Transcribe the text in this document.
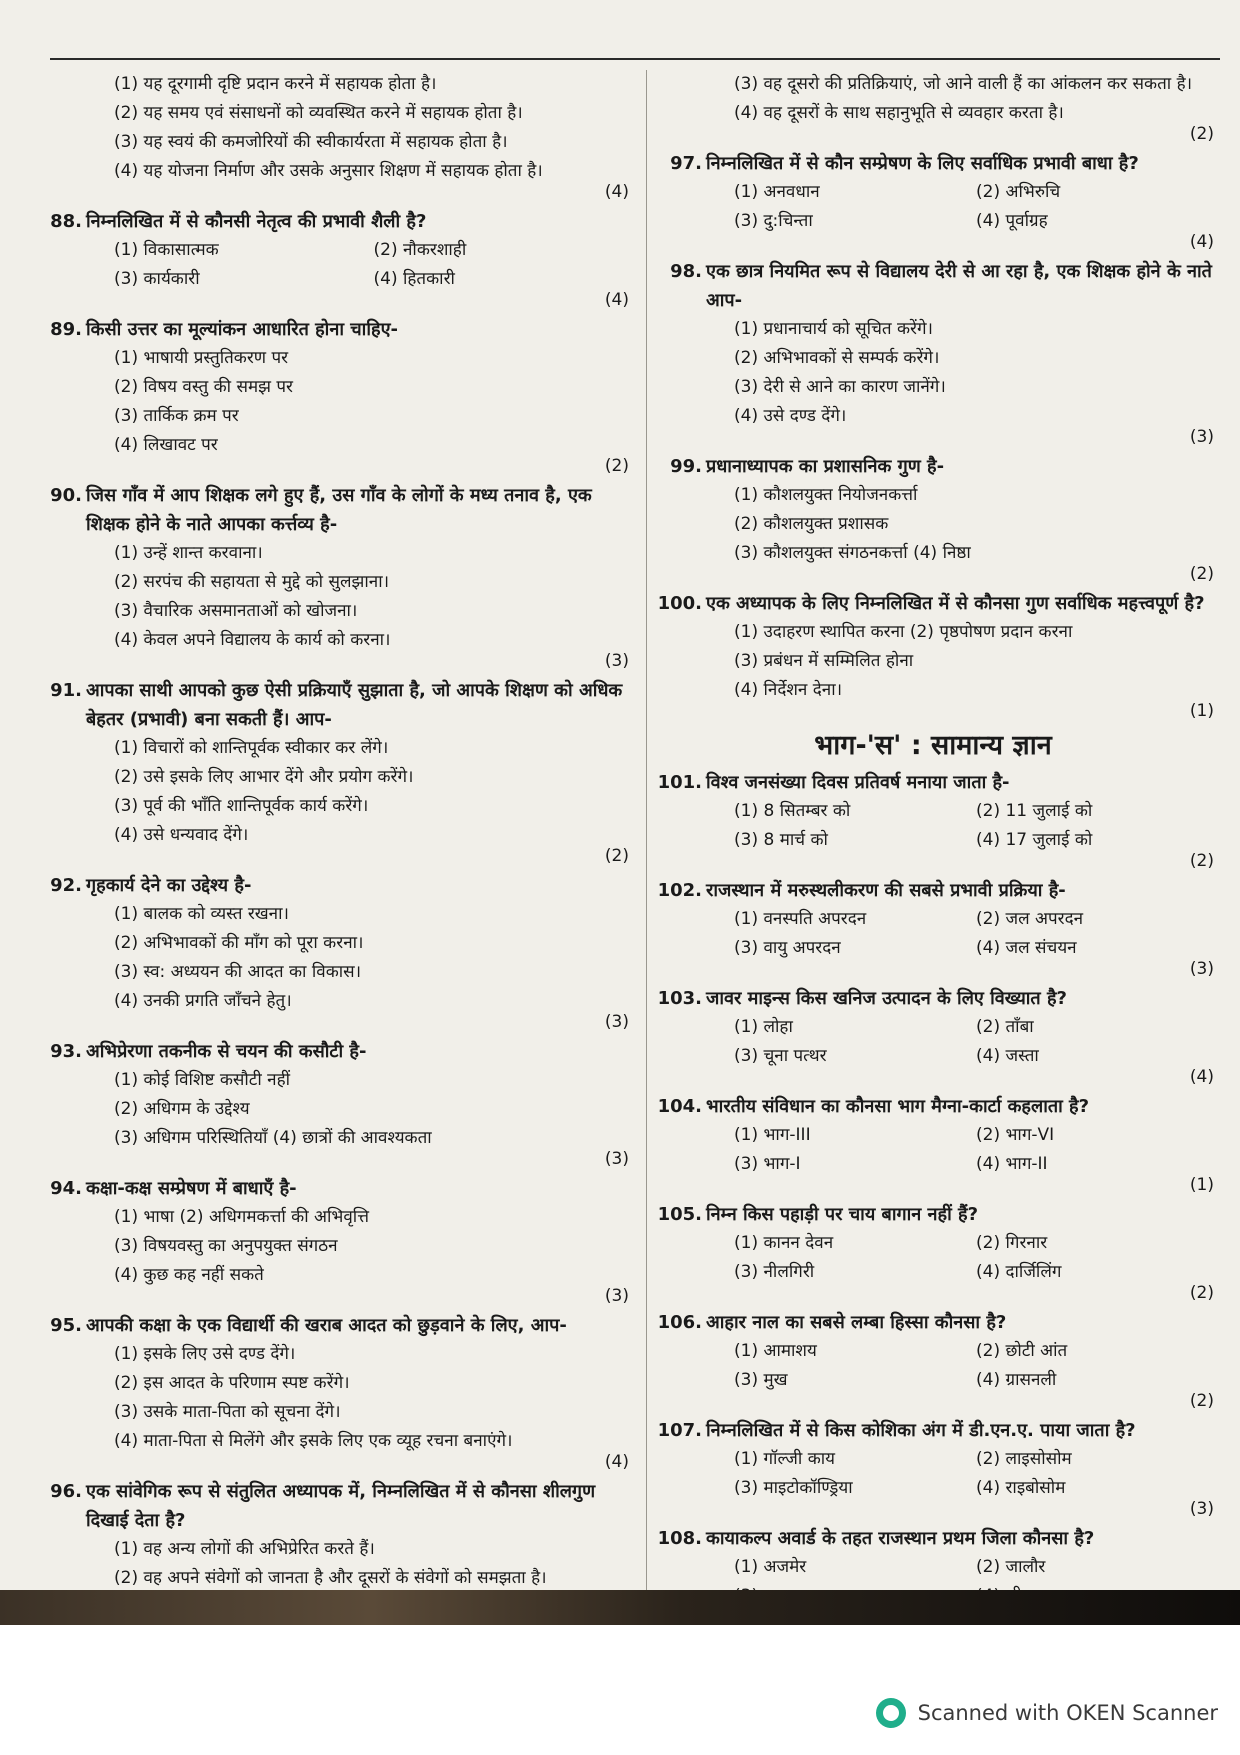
(1) यह दूरगामी दृष्टि प्रदान करने में सहायक होता है।
(2) यह समय एवं संसाधनों को व्यवस्थित करने में सहायक होता है।
(3) यह स्वयं की कमजोरियों की स्वीकार्यरता में सहायक होता है।
(4) यह योजना निर्माण और उसके अनुसार शिक्षण में सहायक होता है।
(4)
88. निम्नलिखित में से कौनसी नेतृत्व की प्रभावी शैली है?
(1) विकासात्मक	(2) नौकरशाही
(3) कार्यकारी	(4) हितकारी
(4)
89. किसी उत्तर का मूल्यांकन आधारित होना चाहिए-
(1) भाषायी प्रस्तुतिकरण पर
(2) विषय वस्तु की समझ पर
(3) तार्किक क्रम पर
(4) लिखावट पर
(2)
90. जिस गाँव में आप शिक्षक लगे हुए हैं, उस गाँव के लोगों के मध्य तनाव है, एक शिक्षक होने के नाते आपका कर्त्तव्य है-
(1) उन्हें शान्त करवाना।
(2) सरपंच की सहायता से मुद्दे को सुलझाना।
(3) वैचारिक असमानताओं को खोजना।
(4) केवल अपने विद्यालय के कार्य को करना।
(3)
91. आपका साथी आपको कुछ ऐसी प्रक्रियाएँ सुझाता है, जो आपके शिक्षण को अधिक बेहतर (प्रभावी) बना सकती हैं। आप-
(1) विचारों को शान्तिपूर्वक स्वीकार कर लेंगे।
(2) उसे इसके लिए आभार देंगे और प्रयोग करेंगे।
(3) पूर्व की भाँति शान्तिपूर्वक कार्य करेंगे।
(4) उसे धन्यवाद देंगे।
(2)
92. गृहकार्य देने का उद्देश्य है-
(1) बालक को व्यस्त रखना।
(2) अभिभावकों की माँग को पूरा करना।
(3) स्व: अध्ययन की आदत का विकास।
(4) उनकी प्रगति जाँचने हेतु।
(3)
93. अभिप्रेरणा तकनीक से चयन की कसौटी है-
(1) कोई विशिष्ट कसौटी नहीं
(2) अधिगम के उद्देश्य
(3) अधिगम परिस्थितियाँ (4) छात्रों की आवश्यकता
(3)
94. कक्षा-कक्ष सम्प्रेषण में बाधाएँ है-
(1) भाषा (2) अधिगमकर्त्ता की अभिवृत्ति
(3) विषयवस्तु का अनुपयुक्त संगठन
(4) कुछ कह नहीं सकते
(3)
95. आपकी कक्षा के एक विद्यार्थी की खराब आदत को छुड़वाने के लिए, आप-
(1) इसके लिए उसे दण्ड देंगे।
(2) इस आदत के परिणाम स्पष्ट करेंगे।
(3) उसके माता-पिता को सूचना देंगे।
(4) माता-पिता से मिलेंगे और इसके लिए एक व्यूह रचना बनाएंगे।
(4)
96. एक सांवेगिक रूप से संतुलित अध्यापक में, निम्नलिखित में से कौनसा शीलगुण दिखाई देता है?
(1) वह अन्य लोगों की अभिप्रेरित करते हैं।
(2) वह अपने संवेगों को जानता है और दूसरों के संवेगों को समझता है।
(3) वह दूसरो की प्रतिक्रियाएं, जो आने वाली हैं का आंकलन कर सकता है।
(4) वह दूसरों के साथ सहानुभूति से व्यवहार करता है।
(2)
97. निम्नलिखित में से कौन सम्प्रेषण के लिए सर्वाधिक प्रभावी बाधा है?
(1) अनवधान	(2) अभिरुचि
(3) दु:चिन्ता	(4) पूर्वाग्रह
(4)
98. एक छात्र नियमित रूप से विद्यालय देरी से आ रहा है, एक शिक्षक होने के नाते आप-
(1) प्रधानाचार्य को सूचित करेंगे।
(2) अभिभावकों से सम्पर्क करेंगे।
(3) देरी से आने का कारण जानेंगे।
(4) उसे दण्ड देंगे।
(3)
99. प्रधानाध्यापक का प्रशासनिक गुण है-
(1) कौशलयुक्त नियोजनकर्त्ता
(2) कौशलयुक्त प्रशासक
(3) कौशलयुक्त संगठनकर्त्ता (4) निष्ठा
(2)
100. एक अध्यापक के लिए निम्नलिखित में से कौनसा गुण सर्वाधिक महत्त्वपूर्ण है?
(1) उदाहरण स्थापित करना (2) पृष्ठपोषण प्रदान करना
(3) प्रबंधन में सम्मिलित होना
(4) निर्देशन देना।
(1)
भाग-'स' : सामान्य ज्ञान
101. विश्व जनसंख्या दिवस प्रतिवर्ष मनाया जाता है-
(1) 8 सितम्बर को	(2) 11 जुलाई को
(3) 8 मार्च को	(4) 17 जुलाई को
(2)
102. राजस्थान में मरुस्थलीकरण की सबसे प्रभावी प्रक्रिया है-
(1) वनस्पति अपरदन	(2) जल अपरदन
(3) वायु अपरदन	(4) जल संचयन
(3)
103. जावर माइन्स किस खनिज उत्पादन के लिए विख्यात है?
(1) लोहा	(2) ताँबा
(3) चूना पत्थर	(4) जस्ता
(4)
104. भारतीय संविधान का कौनसा भाग मैग्ना-कार्टा कहलाता है?
(1) भाग-III	(2) भाग-VI
(3) भाग-I	(4) भाग-II
(1)
105. निम्न किस पहाड़ी पर चाय बागान नहीं हैं?
(1) कानन देवन	(2) गिरनार
(3) नीलगिरी	(4) दार्जिलिंग
(2)
106. आहार नाल का सबसे लम्बा हिस्सा कौनसा है?
(1) आमाशय	(2) छोटी आंत
(3) मुख	(4) ग्रासनली
(2)
107. निम्नलिखित में से किस कोशिका अंग में डी.एन.ए. पाया जाता है?
(1) गॉल्जी काय	(2) लाइसोसोम
(3) माइटोकॉण्ड्रिया	(4) राइबोसोम
(3)
108. कायाकल्प अवार्ड के तहत राजस्थान प्रथम जिला कौनसा है?
(1) अजमेर	(2) जालौर
Scanned with OKEN Scanner
